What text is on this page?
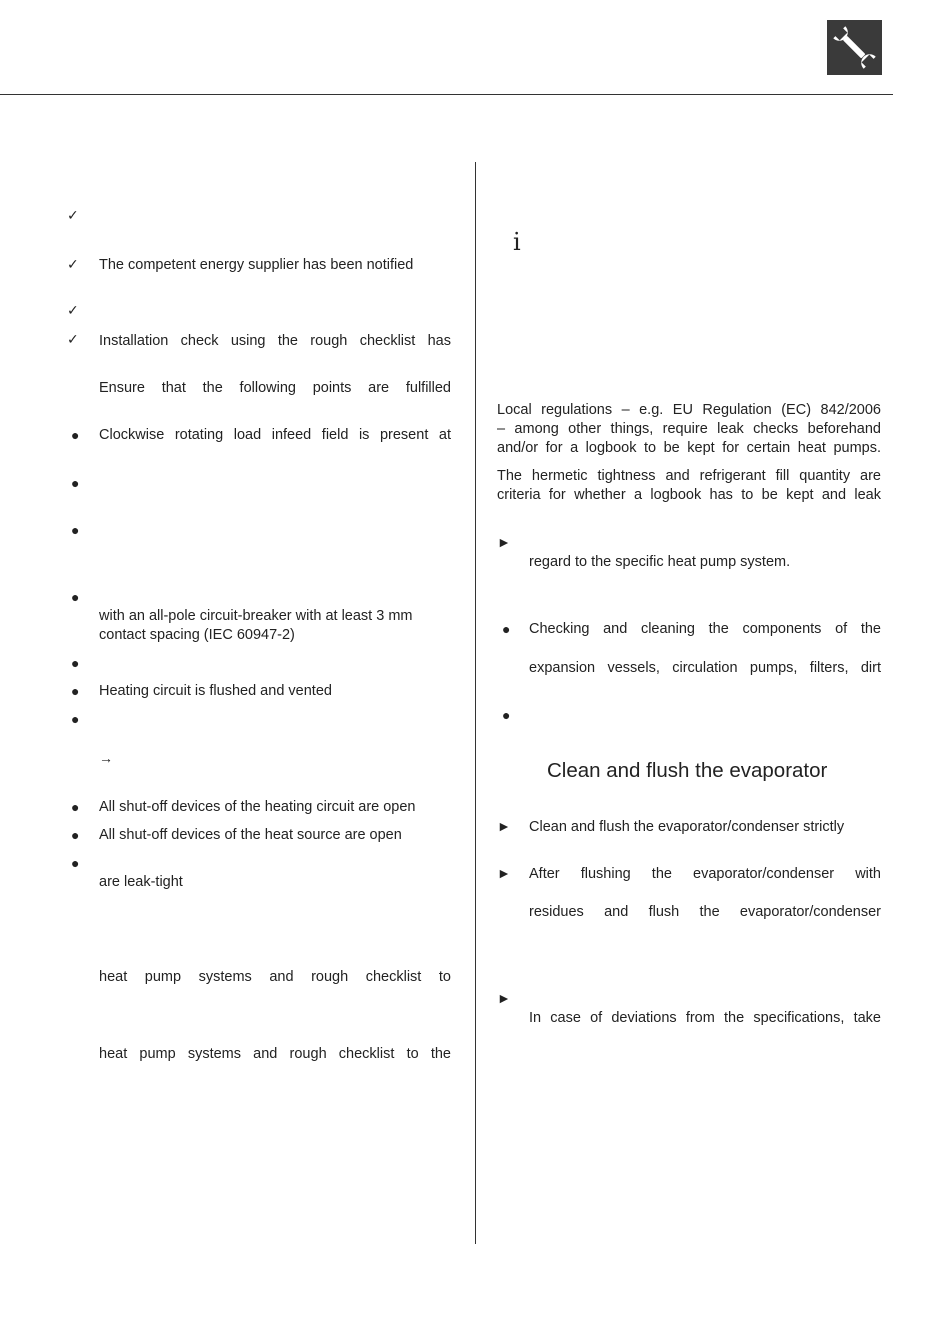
✓
✓ The competent energy supplier has been notified
✓
✓ Installation check using the rough checklist has
Ensure that the following points are fulfilled
● Clockwise rotating load infeed field is present at
●
●
●
with an all-pole circuit-breaker with at least 3 mm
contact spacing (IEC 60947-2)
●
● Heating circuit is flushed and vented
●
→
● All shut-off devices of the heating circuit are open
● All shut-off devices of the heat source are open
●
are leak-tight
heat pump systems and rough checklist to
heat pump systems and rough checklist to the
i
Local regulations – e.g. EU Regulation (EC) 842/2006
– among other things, require leak checks beforehand
and/or for a logbook to be kept for certain heat pumps.
The hermetic tightness and refrigerant fill quantity are
criteria for whether a logbook has to be kept and leak
►
regard to the specific heat pump system.
● Checking and cleaning the components of the
expansion vessels, circulation pumps, filters, dirt
●
Clean and flush the evaporator
► Clean and flush the evaporator/condenser strictly
► After flushing the evaporator/condenser with
residues and flush the evaporator/condenser
►
In case of deviations from the specifications, take
